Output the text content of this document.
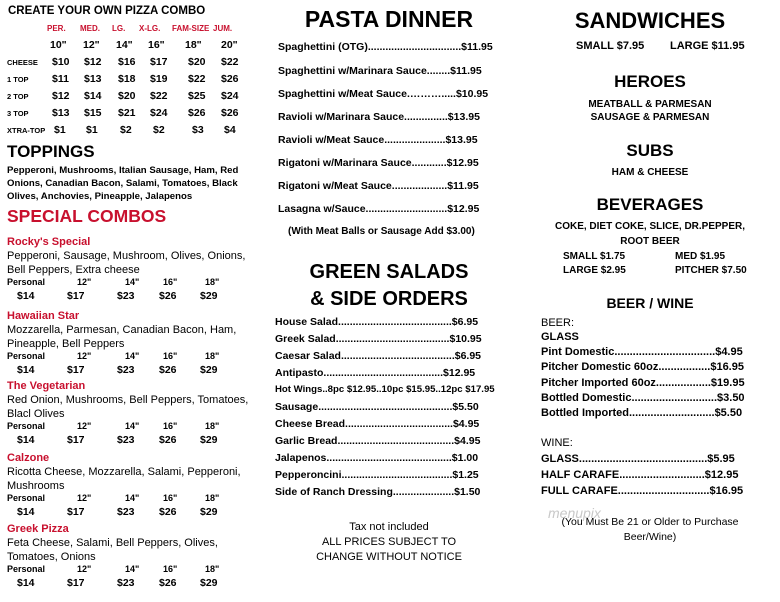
CREATE YOUR OWN PIZZA COMBO
PER. MED. LG. X-LG. FAM-SIZE JUM.
10" 12" 14" 16" 18" 20"
CHEESE $10 $12 $16 $17 $20 $22
1 TOP $11 $13 $18 $19 $22 $26
2 TOP $12 $14 $20 $22 $25 $24
3 TOP $13 $15 $21 $24 $26 $26
XTRA-TOP $1 $1 $2 $2	$3 $4
TOPPINGS
Pepperoni, Mushrooms, Italian Sausage, Ham, Red Onions, Canadian Bacon, Salami, Tomatoes, Black Olives, Anchovies, Pineapple, Jalapenos
SPECIAL COMBOS
Rocky's Special
Pepperoni, Sausage, Mushroom, Olives, Onions, Bell Peppers, Extra cheese
Personal	12"	14"	16"	18"
$14	$17	$23 $26 $29
Hawaiian Star
Mozzarella, Parmesan, Canadian Bacon, Ham, Pineapple, Bell Peppers
Personal	12"	14"	16"	18"
$14	$17	$23 $26 $29
The Vegetarian
Red Onion, Mushrooms, Bell Peppers, Tomatoes, Blacl Olives
Personal	12"	14"	16"	18"
$14	$17	$23 $26 $29
Calzone
Ricotta Cheese, Mozzarella, Salami, Pepperoni, Mushrooms
Personal	12"	14"	16"	18"
$14	$17	$23 $26 $29
Greek Pizza
Feta Cheese, Salami, Bell Peppers, Olives, Tomatoes, Onions
Personal	12"	14"	16"	18"
$14	$17	$23 $26 $29
PASTA DINNER
Spaghettini (OTG)................................$11.95
Spaghettini w/Marinara Sauce........$11.95
Spaghettini w/Meat Sauce.……….....$10.95
Ravioli w/Marinara Sauce...............$13.95
Ravioli w/Meat Sauce.....................$13.95
Rigatoni w/Marinara Sauce............$12.95
Rigatoni w/Meat Sauce...................$11.95
Lasagna w/Sauce............................$12.95
(With Meat Balls or Sausage Add $3.00)
GREEN SALADS
& SIDE ORDERS
House Salad.......................................$6.95
Greek Salad.......................................$10.95
Caesar Salad.......................................$6.95
Antipasto.........................................$12.95
Hot Wings..8pc $12.95..10pc $15.95..12pc $17.95
Sausage..............................................$5.50
Cheese Bread.....................................$4.95
Garlic Bread........................................$4.95
Jalapenos...........................................$1.00
Pepperoncini......................................$1.25
Side of Ranch Dressing.....................$1.50
Tax not included
ALL PRICES SUBJECT TO
CHANGE WITHOUT NOTICE
SANDWICHES
SMALL $7.95 LARGE $11.95
HEROES
MEATBALL & PARMESAN
SAUSAGE & PARMESAN
SUBS
HAM & CHEESE
BEVERAGES
COKE, DIET COKE, SLICE, DR.PEPPER,
ROOT BEER
SMALL $1.75	MED $1.95
LARGE $2.95	PITCHER $7.50
BEER / WINE
BEER:
GLASS
Pint Domestic.................................$4.95
Pitcher Domestic 60oz.................$16.95
Pitcher Imported 60oz..................$19.95
Bottled Domestic............................$3.50
Bottled Imported............................$5.50
WINE:
GLASS..........................................$5.95
HALF CARAFE............................$12.95
FULL CARAFE..............................$16.95
(You Must Be 21 or Older to Purchase
Beer/Wine)
menupix
